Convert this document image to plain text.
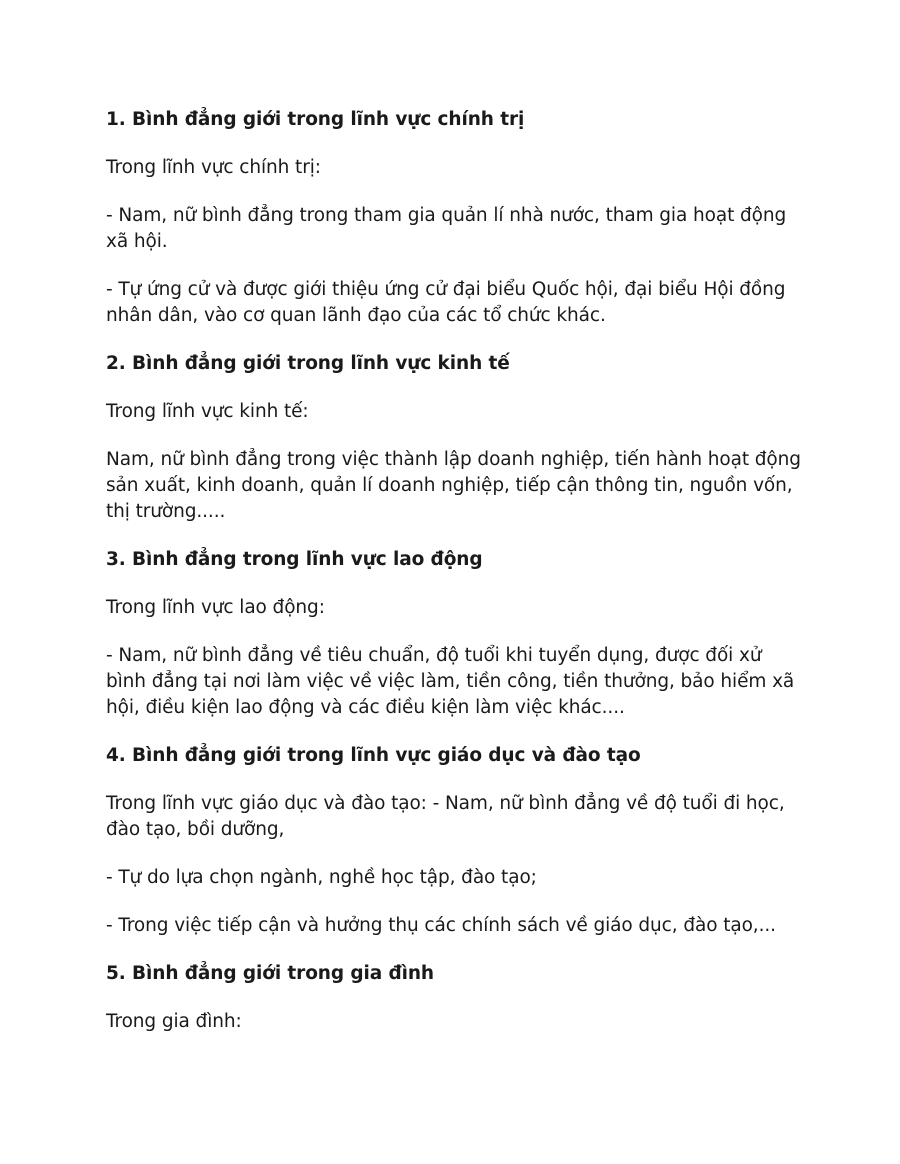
1. Bình đẳng giới trong lĩnh vực chính trị
Trong lĩnh vực chính trị:
- Nam, nữ bình đẳng trong tham gia quản lí nhà nước, tham gia hoạt động xã hội.
- Tự ứng cử và được giới thiệu ứng cử đại biểu Quốc hội, đại biểu Hội đồng nhân dân, vào cơ quan lãnh đạo của các tổ chức khác.
2. Bình đẳng giới trong lĩnh vực kinh tế
Trong lĩnh vực kinh tế:
Nam, nữ bình đẳng trong việc thành lập doanh nghiệp, tiến hành hoạt động sản xuất, kinh doanh, quản lí doanh nghiệp, tiếp cận thông tin, nguồn vốn, thị trường.....
3. Bình đẳng trong lĩnh vực lao động
Trong lĩnh vực lao động:
- Nam, nữ bình đẳng về tiêu chuẩn, độ tuổi khi tuyển dụng, được đối xử bình đẳng tại nơi làm việc về việc làm, tiền công, tiền thưởng, bảo hiểm xã hội, điều kiện lao động và các điều kiện làm việc khác....
4. Bình đẳng giới trong lĩnh vực giáo dục và đào tạo
Trong lĩnh vực giáo dục và đào tạo: - Nam, nữ bình đẳng về độ tuổi đi học, đào tạo, bồi dưỡng,
- Tự do lựa chọn ngành, nghề học tập, đào tạo;
- Trong việc tiếp cận và hưởng thụ các chính sách về giáo dục, đào tạo,...
5. Bình đẳng giới trong gia đình
Trong gia đình:
